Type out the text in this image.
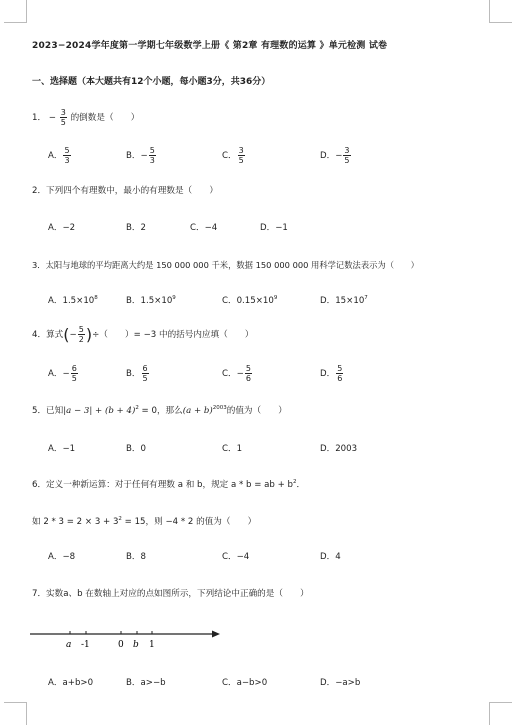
2023−2024学年度第一学期七年级数学上册《 第2章 有理数的运算 》单元检测 试卷
一、选择题（本大题共有12个小题，每小题3分，共36分）
1． − $\frac{3}{5}$ 的倒数是（　　）
A． $\frac{5}{3}$	B．− $\frac{5}{3}$	C． $\frac{3}{5}$	D．− $\frac{3}{5}$
2．下列四个有理数中，最小的有理数是（　　）
A．−2	B．2	C．−4	D．−1
3．太阳与地球的平均距离大约是 150 000 000 千米，数据 150 000 000 用科学记数法表示为（　　）
A．$1.5\times 10^8$	B．$1.5\times 10^9$	C．$0.15\times 10^9$	D．$15\times 10^7$
4．算式(− $\frac{5}{2}$ )÷（　　）= −3 中的括号内应填（　　）
A．− $\frac{6}{5}$	B． $\frac{6}{5}$	C．− $\frac{5}{6}$	D． $\frac{5}{6}$
5．已知$|a - 3| + (b + 4)^2 = 0$，那么$(a + b)^{2003}$的值为（　　）
A．−1	B．0	C．1	D．2003
6．定义一种新运算：对于任何有理数 a 和 b，规定 a * b = ab + $b^2$．
如 $2 * 3 = 2 \times 3 + 3^2 = 15$，则 −4 * 2 的值为（　　）
A．−8	B．8	C．−4	D．4
7．实数a、b 在数轴上对应的点如图所示，下列结论中正确的是（　　）
a -1	0 b 1
A．a+b>0	B．a>−b	C．a−b>0	D．−a>b
